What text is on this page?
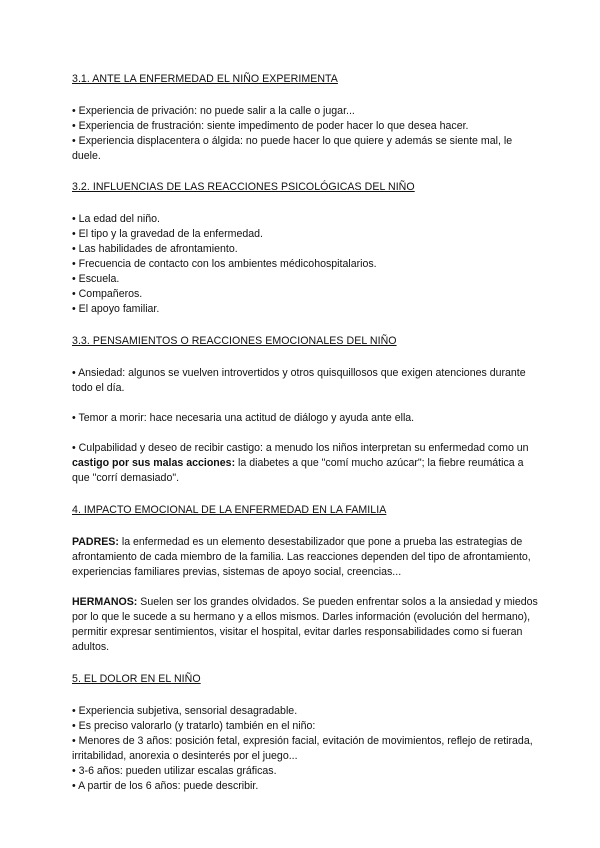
3.1. ANTE LA ENFERMEDAD EL NIÑO EXPERIMENTA
• Experiencia de privación: no puede salir a la calle o jugar...
• Experiencia de frustración: siente impedimento de poder hacer lo que desea hacer.
• Experiencia displacentera o álgida: no puede hacer lo que quiere y además se siente mal, le duele.
3.2. INFLUENCIAS DE LAS REACCIONES PSICOLÓGICAS DEL NIÑO
• La edad del niño.
• El tipo y la gravedad de la enfermedad.
• Las habilidades de afrontamiento.
• Frecuencia de contacto con los ambientes médicohospitalarios.
• Escuela.
• Compañeros.
• El apoyo familiar.
3.3. PENSAMIENTOS O REACCIONES EMOCIONALES DEL NIÑO

• Ansiedad: algunos se vuelven introvertidos y otros quisquillosos que exigen atenciones durante todo el día.

• Temor a morir: hace necesaria una actitud de diálogo y ayuda ante ella.

• Culpabilidad y deseo de recibir castigo: a menudo los niños interpretan su enfermedad como un castigo por sus malas acciones: la diabetes a que "comí mucho azúcar"; la fiebre reumática a que "corrí demasiado".

4. IMPACTO EMOCIONAL DE LA ENFERMEDAD EN LA FAMILIA

PADRES: la enfermedad es un elemento desestabilizador que pone a prueba las estrategias de afrontamiento de cada miembro de la familia. Las reacciones dependen del tipo de afrontamiento, experiencias familiares previas, sistemas de apoyo social, creencias...

HERMANOS: Suelen ser los grandes olvidados. Se pueden enfrentar solos a la ansiedad y miedos por lo que le sucede a su hermano y a ellos mismos. Darles información (evolución del hermano), permitir expresar sentimientos, visitar el hospital, evitar darles responsabilidades como si fueran adultos.

5. EL DOLOR EN EL NIÑO
• Experiencia subjetiva, sensorial desagradable.
• Es preciso valorarlo (y tratarlo) también en el niño:
• Menores de 3 años: posición fetal, expresión facial, evitación de movimientos, reflejo de retirada, irritabilidad, anorexia o desinterés por el juego...
• 3-6 años: pueden utilizar escalas gráficas.
• A partir de los 6 años: puede describir.
